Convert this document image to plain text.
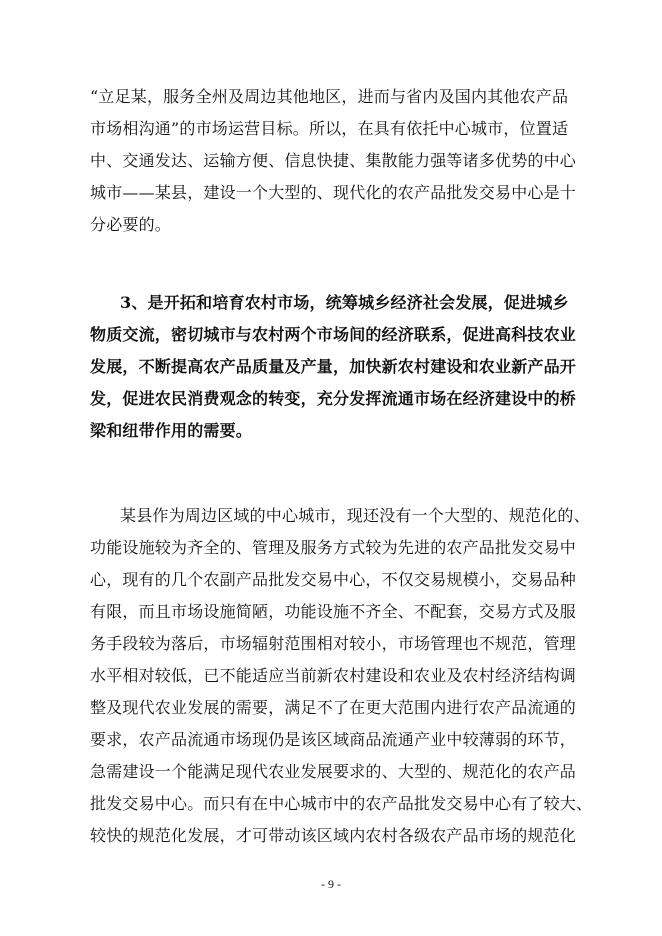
“立足某，服务全州及周边其他地区，进而与省内及国内其他农产品
市场相沟通”的市场运营目标。所以，在具有依托中心城市，位置适
中、交通发达、运输方便、信息快捷、集散能力强等诸多优势的中心
城市——某县，建设一个大型的、现代化的农产品批发交易中心是十
分必要的。
3、是开拓和培育农村市场，统筹城乡经济社会发展，促进城乡
物质交流，密切城市与农村两个市场间的经济联系，促进高科技农业
发展，不断提高农产品质量及产量，加快新农村建设和农业新产品开
发，促进农民消费观念的转变，充分发挥流通市场在经济建设中的桥
梁和纽带作用的需要。
某县作为周边区域的中心城市，现还没有一个大型的、规范化的、
功能设施较为齐全的、管理及服务方式较为先进的农产品批发交易中
心，现有的几个农副产品批发交易中心，不仅交易规模小，交易品种
有限，而且市场设施简陋，功能设施不齐全、不配套，交易方式及服
务手段较为落后，市场辐射范围相对较小，市场管理也不规范，管理
水平相对较低，已不能适应当前新农村建设和农业及农村经济结构调
整及现代农业发展的需要，满足不了在更大范围内进行农产品流通的
要求，农产品流通市场现仍是该区域商品流通产业中较薄弱的环节，
急需建设一个能满足现代农业发展要求的、大型的、规范化的农产品
批发交易中心。而只有在中心城市中的农产品批发交易中心有了较大、
较快的规范化发展，才可带动该区域内农村各级农产品市场的规范化
- 9 -
